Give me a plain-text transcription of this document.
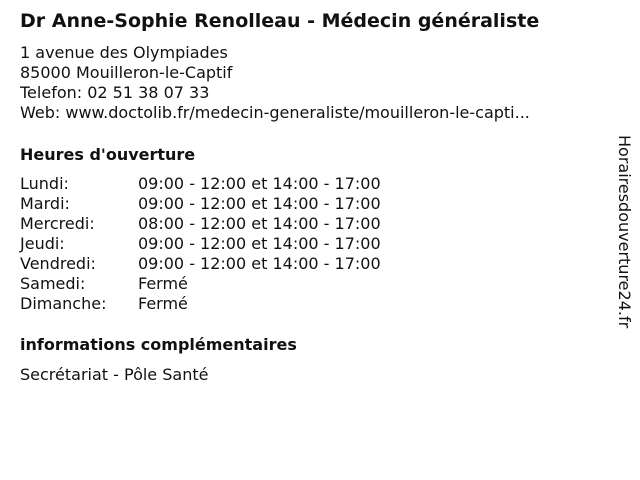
Dr Anne-Sophie Renolleau - Médecin généraliste
1 avenue des Olympiades
85000 Mouilleron-le-Captif
Telefon: 02 51 38 07 33
Web: www.doctolib.fr/medecin-generaliste/mouilleron-le-capti...
Heures d'ouverture
Lundi:	09:00 - 12:00 et 14:00 - 17:00
Mardi:	09:00 - 12:00 et 14:00 - 17:00
Mercredi:	08:00 - 12:00 et 14:00 - 17:00
Jeudi:	09:00 - 12:00 et 14:00 - 17:00
Vendredi:	09:00 - 12:00 et 14:00 - 17:00
Samedi:	Fermé
Dimanche:	Fermé
informations complémentaires
Secrétariat - Pôle Santé
Horairesdouverture24.fr
